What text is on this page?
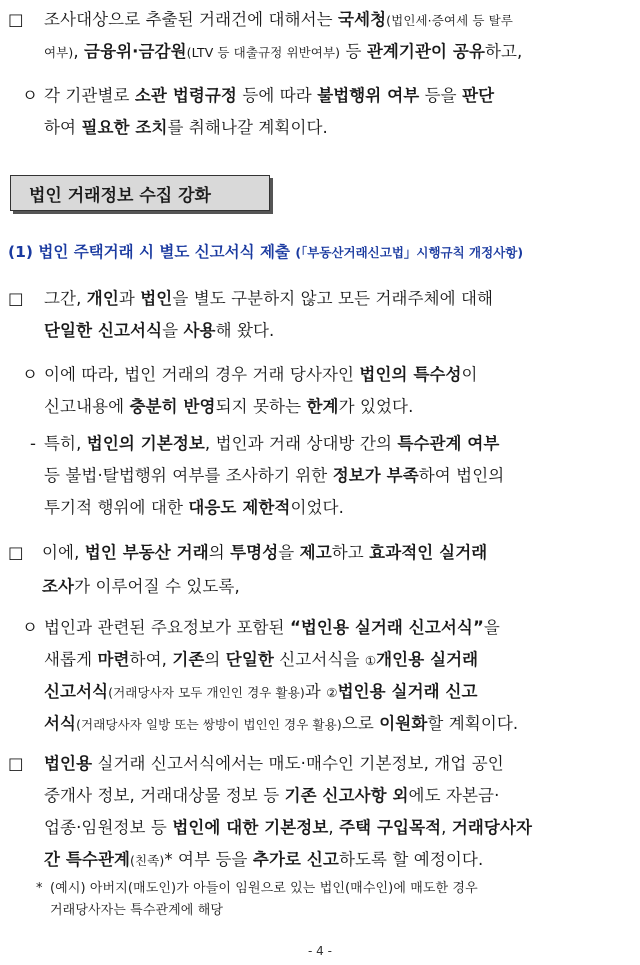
□ 조사대상으로 추출된 거래건에 대해서는 국세청(법인세·증여세 등 탈루
여부), 금융위·금감원(LTV 등 대출규정 위반여부) 등 관계기관이 공유하고,
ㅇ 각 기관별로 소관 법령규정 등에 따라 불법행위 여부 등을 판단
하여 필요한 조치를 취해나갈 계획이다.
법인 거래정보 수집 강화
(1) 법인 주택거래 시 별도 신고서식 제출 (「부동산거래신고법」시행규칙 개정사항)
□ 그간, 개인과 법인을 별도 구분하지 않고 모든 거래주체에 대해
단일한 신고서식을 사용해 왔다.
ㅇ 이에 따라, 법인 거래의 경우 거래 당사자인 법인의 특수성이
신고내용에 충분히 반영되지 못하는 한계가 있었다.
- 특히, 법인의 기본정보, 법인과 거래 상대방 간의 특수관계 여부
등 불법·탈법행위 여부를 조사하기 위한 정보가 부족하여 법인의
투기적 행위에 대한 대응도 제한적이었다.
□ 이에, 법인 부동산 거래의 투명성을 제고하고 효과적인 실거래
조사가 이루어질 수 있도록,
ㅇ 법인과 관련된 주요정보가 포함된 “법인용 실거래 신고서식”을
새롭게 마련하여, 기존의 단일한 신고서식을 ①개인용 실거래
신고서식(거래당사자 모두 개인인 경우 활용)과 ②법인용 실거래 신고
서식(거래당사자 일방 또는 쌍방이 법인인 경우 활용)으로 이원화할 계획이다.
□ 법인용 실거래 신고서식에서는 매도·매수인 기본정보, 개업 공인
중개사 정보, 거래대상물 정보 등 기존 신고사항 외에도 자본금·
업종·임원정보 등 법인에 대한 기본정보, 주택 구입목적, 거래당사자
간 특수관계(친족)* 여부 등을 추가로 신고하도록 할 예정이다.
* (예시) 아버지(매도인)가 아들이 임원으로 있는 법인(매수인)에 매도한 경우
거래당사자는 특수관계에 해당
- 4 -
